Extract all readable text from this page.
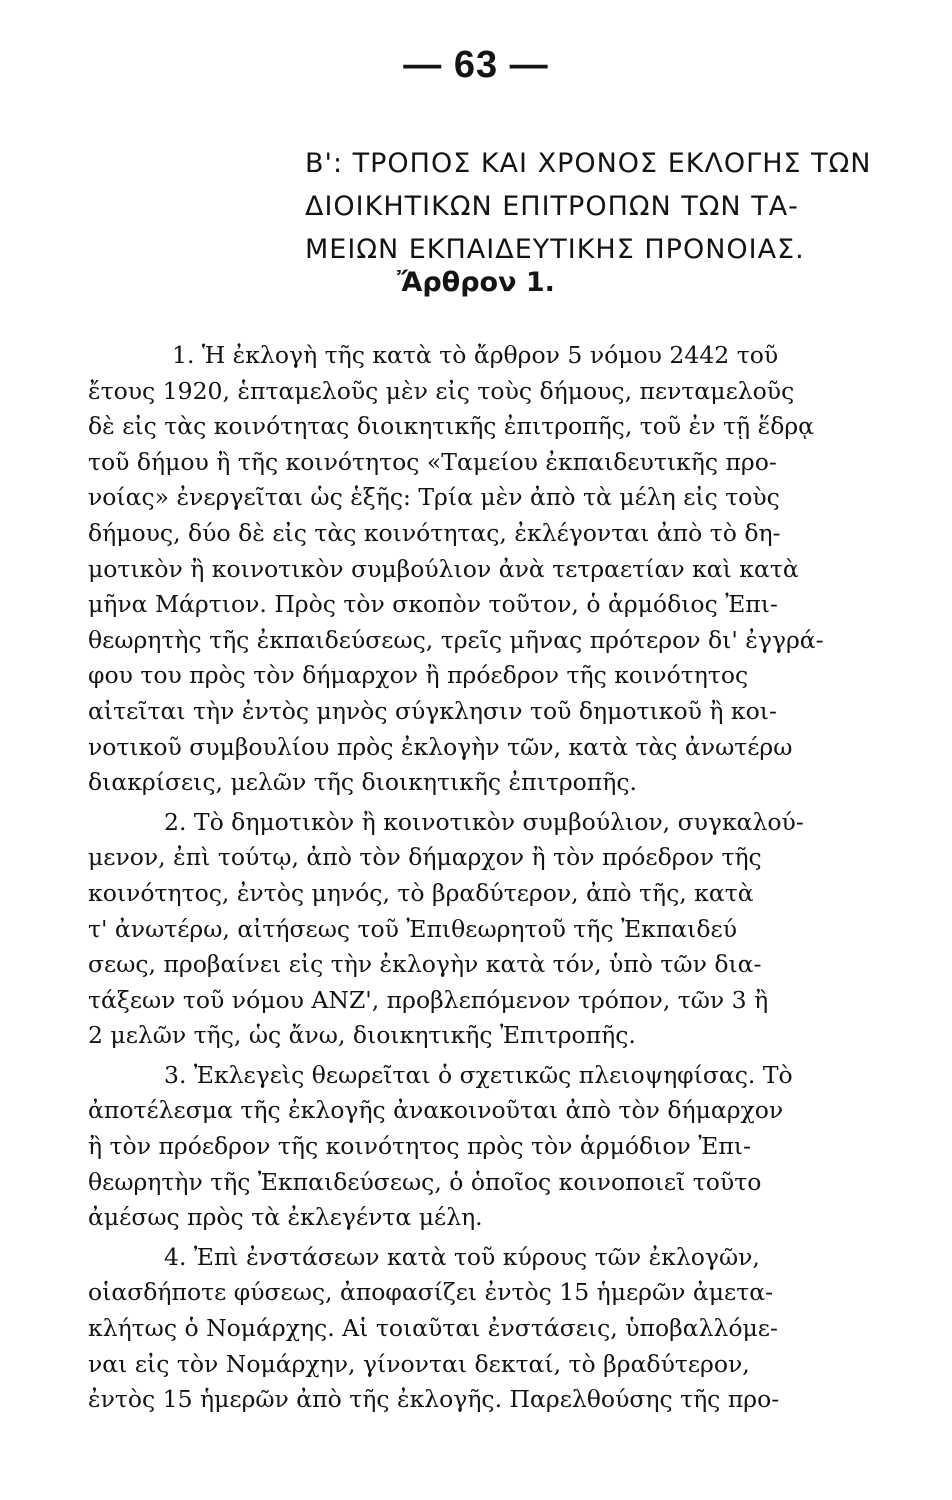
— 63 —
Β': ΤΡΟΠΟΣ ΚΑΙ ΧΡΟΝΟΣ ΕΚΛΟΓΗΣ ΤΩΝ
ΔΙΟΙΚΗΤΙΚΩΝ ΕΠΙΤΡΟΠΩΝ ΤΩΝ ΤΑ-
ΜΕΙΩΝ ΕΚΠΑΙΔΕΥΤΙΚΗΣ ΠΡΟΝΟΙΑΣ.
Ἄρθρον 1.

1. Ἡ ἐκλογὴ τῆς κατὰ τὸ ἄρθρον 5 νόμου 2442 τοῦ
ἔτους 1920, ἑπταμελοῦς μὲν εἰς τοὺς δήμους, πενταμελοῦς
δὲ εἰς τὰς κοινότητας διοικητικῆς ἐπιτροπῆς, τοῦ ἐν τῇ ἕδρᾳ
τοῦ δήμου ἢ τῆς κοινότητος «Ταμείου ἐκπαιδευτικῆς προ-
νοίας» ἐνεργεῖται ὡς ἑξῆς: Τρία μὲν ἀπὸ τὰ μέλη εἰς τοὺς
δήμους, δύο δὲ εἰς τὰς κοινότητας, ἐκλέγονται ἀπὸ τὸ δη-
μοτικὸν ἢ κοινοτικὸν συμβούλιον ἀνὰ τετραετίαν καὶ κατὰ
μῆνα Μάρτιον. Πρὸς τὸν σκοπὸν τοῦτον, ὁ ἁρμόδιος Ἐπι-
θεωρητὴς τῆς ἐκπαιδεύσεως, τρεῖς μῆνας πρότερον δι' ἐγγρά-
φου του πρὸς τὸν δήμαρχον ἢ πρόεδρον τῆς κοινότητος
αἰτεῖται τὴν ἐντὸς μηνὸς σύγκλησιν τοῦ δημοτικοῦ ἢ κοι-
νοτικοῦ συμβουλίου πρὸς ἐκλογὴν τῶν, κατὰ τὰς ἀνωτέρω
διακρίσεις, μελῶν τῆς διοικητικῆς ἐπιτροπῆς.

2. Τὸ δημοτικὸν ἢ κοινοτικὸν συμβούλιον, συγκαλού-
μενον, ἐπὶ τούτῳ, ἀπὸ τὸν δήμαρχον ἢ τὸν πρόεδρον τῆς
κοινότητος, ἐντὸς μηνός, τὸ βραδύτερον, ἀπὸ τῆς, κατὰ
τ' ἀνωτέρω, αἰτήσεως τοῦ Ἐπιθεωρητοῦ τῆς Ἐκπαιδεύ
σεως, προβαίνει εἰς τὴν ἐκλογὴν κατὰ τόν, ὑπὸ τῶν δια-
τάξεων τοῦ νόμου ΑΝΖ', προβλεπόμενον τρόπον, τῶν 3 ἢ
2 μελῶν τῆς, ὡς ἄνω, διοικητικῆς Ἐπιτροπῆς.

3. Ἐκλεγεὶς θεωρεῖται ὁ σχετικῶς πλειοψηφίσας. Τὸ
ἀποτέλεσμα τῆς ἐκλογῆς ἀνακοινοῦται ἀπὸ τὸν δήμαρχον
ἢ τὸν πρόεδρον τῆς κοινότητος πρὸς τὸν ἁρμόδιον Ἐπι-
θεωρητὴν τῆς Ἐκπαιδεύσεως, ὁ ὁποῖος κοινοποιεῖ τοῦτο
ἀμέσως πρὸς τὰ ἐκλεγέντα μέλη.

4. Ἐπὶ ἐνστάσεων κατὰ τοῦ κύρους τῶν ἐκλογῶν,
οἱασδήποτε φύσεως, ἀποφασίζει ἐντὸς 15 ἡμερῶν ἀμετα-
κλήτως ὁ Νομάρχης. Αἱ τοιαῦται ἐνστάσεις, ὑποβαλλόμε-
ναι εἰς τὸν Νομάρχην, γίνονται δεκταί, τὸ βραδύτερον,
ἐντὸς 15 ἡμερῶν ἀπὸ τῆς ἐκλογῆς. Παρελθούσης τῆς προ-
